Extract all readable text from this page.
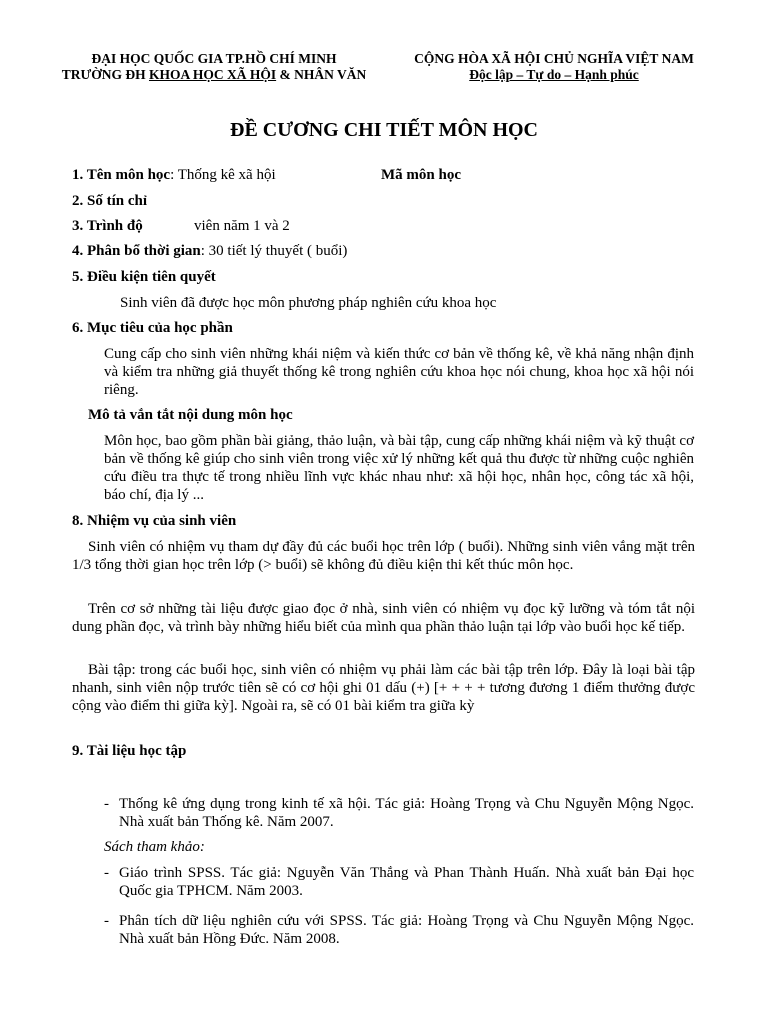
ĐẠI HỌC QUỐC GIA TP.HỒ CHÍ MINH
TRƯỜNG ĐH KHOA HỌC XÃ HỘI & NHÂN VĂN
CỘNG HÒA XÃ HỘI CHỦ NGHĨA VIỆT NAM
Độc lập – Tự do – Hạnh phúc
ĐỀ CƯƠNG CHI TIẾT MÔN HỌC
1. Tên môn học: Thống kê xã hội	Mã môn học
2. Số tín chỉ
3. Trình độ	viên năm 1 và 2
4. Phân bổ thời gian: 30 tiết lý thuyết ( buổi)
5. Điều kiện tiên quyết
Sinh viên đã được học môn phương pháp nghiên cứu khoa học
6. Mục tiêu của học phần
Cung cấp cho sinh viên những khái niệm và kiến thức cơ bản về thống kê, về khả năng nhận định và kiểm tra những giả thuyết thống kê trong nghiên cứu khoa học nói chung, khoa học xã hội nói riêng.
Mô tả vắn tắt nội dung môn học
Môn học, bao gồm phần bài giảng, thảo luận, và bài tập, cung cấp những khái niệm và kỹ thuật cơ bản về thống kê giúp cho sinh viên trong việc xử lý những kết quả thu được từ những cuộc nghiên cứu điều tra thực tế trong nhiều lĩnh vực khác nhau như: xã hội học, nhân học, công tác xã hội, báo chí, địa lý ...
8. Nhiệm vụ của sinh viên
Sinh viên có nhiệm vụ tham dự đầy đủ các buổi học trên lớp ( buổi). Những sinh viên vắng mặt trên 1/3 tổng thời gian học trên lớp (> buổi) sẽ không đủ điều kiện thi kết thúc môn học.
Trên cơ sở những tài liệu được giao đọc ở nhà, sinh viên có nhiệm vụ đọc kỹ lưỡng và tóm tắt nội dung phần đọc, và trình bày những hiểu biết của mình qua phần thảo luận tại lớp vào buổi học kế tiếp.
Bài tập: trong các buổi học, sinh viên có nhiệm vụ phải làm các bài tập trên lớp. Đây là loại bài tập nhanh, sinh viên nộp trước tiên sẽ có cơ hội ghi 01 dấu (+) [+ + + + tương đương 1 điểm thưởng được cộng vào điểm thi giữa kỳ]. Ngoài ra, sẽ có 01 bài kiểm tra giữa kỳ
9. Tài liệu học tập
- Thống kê ứng dụng trong kinh tế xã hội. Tác giả: Hoàng Trọng và Chu Nguyễn Mộng Ngọc. Nhà xuất bản Thống kê. Năm 2007.
Sách tham khảo:
- Giáo trình SPSS. Tác giả: Nguyễn Văn Thắng và Phan Thành Huấn. Nhà xuất bản Đại học Quốc gia TPHCM. Năm 2003.
- Phân tích dữ liệu nghiên cứu với SPSS. Tác giả: Hoàng Trọng và Chu Nguyễn Mộng Ngọc. Nhà xuất bản Hồng Đức. Năm 2008.
